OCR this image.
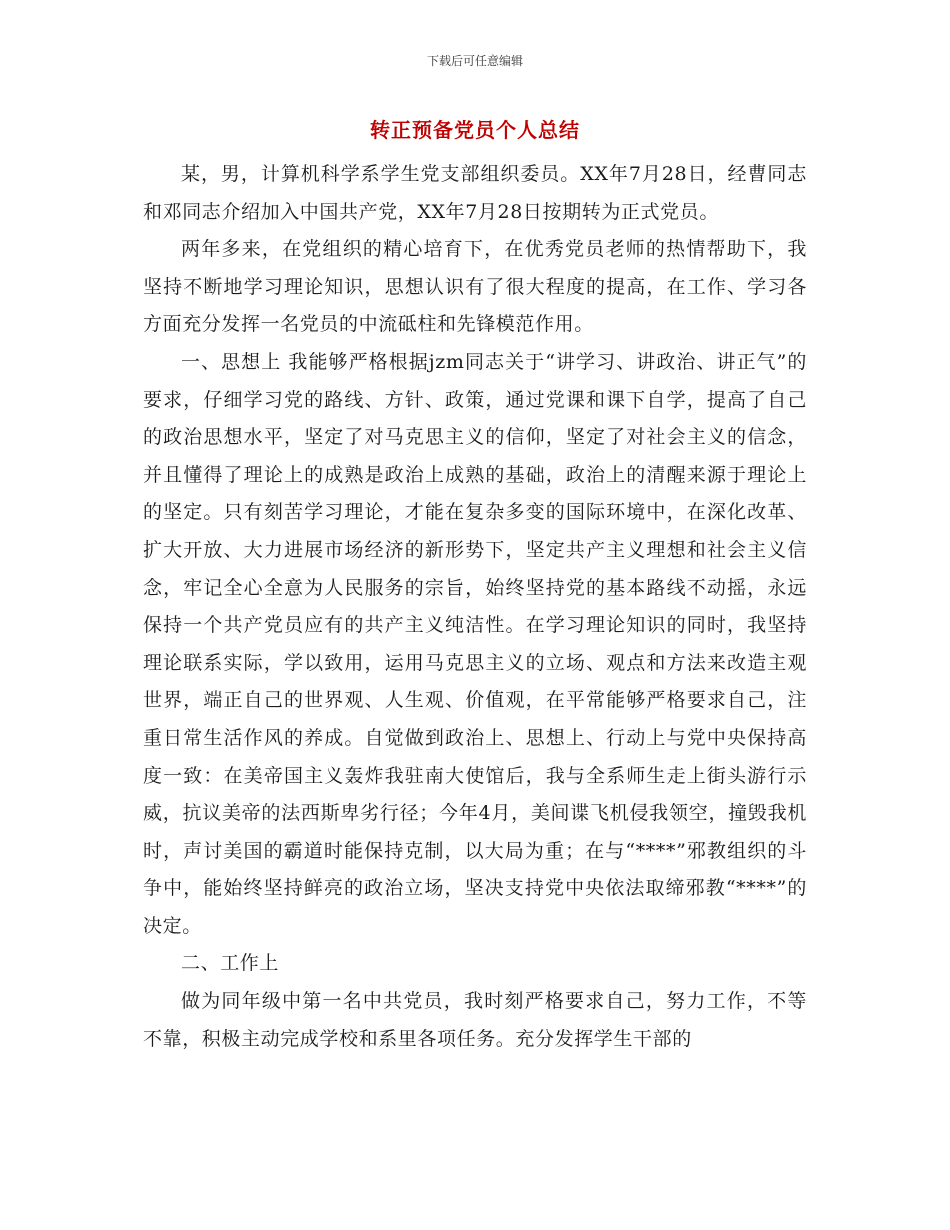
下载后可任意编辑
转正预备党员个人总结

某，男，计算机科学系学生党支部组织委员。XX年7月28日，经曹同志和邓同志介绍加入中国共产党，XX年7月28日按期转为正式党员。

两年多来，在党组织的精心培育下，在优秀党员老师的热情帮助下，我坚持不断地学习理论知识，思想认识有了很大程度的提高，在工作、学习各方面充分发挥一名党员的中流砥柱和先锋模范作用。

一、思想上 我能够严格根据jzm同志关于“讲学习、讲政治、讲正气”的要求，仔细学习党的路线、方针、政策，通过党课和课下自学，提高了自己的政治思想水平，坚定了对马克思主义的信仰，坚定了对社会主义的信念，并且懂得了理论上的成熟是政治上成熟的基础，政治上的清醒来源于理论上的坚定。只有刻苦学习理论，才能在复杂多变的国际环境中，在深化改革、扩大开放、大力进展市场经济的新形势下，坚定共产主义理想和社会主义信念，牢记全心全意为人民服务的宗旨，始终坚持党的基本路线不动摇，永远保持一个共产党员应有的共产主义纯洁性。在学习理论知识的同时，我坚持理论联系实际，学以致用，运用马克思主义的立场、观点和方法来改造主观世界，端正自己的世界观、人生观、价值观，在平常能够严格要求自己，注重日常生活作风的养成。自觉做到政治上、思想上、行动上与党中央保持高度一致：在美帝国主义轰炸我驻南大使馆后，我与全系师生走上街头游行示威，抗议美帝的法西斯卑劣行径；今年4月，美间谍飞机侵我领空，撞毁我机时，声讨美国的霸道时能保持克制，以大局为重；在与“****”邪教组织的斗争中，能始终坚持鲜亮的政治立场，坚决支持党中央依法取缔邪教“****”的决定。

二、工作上

做为同年级中第一名中共党员，我时刻严格要求自己，努力工作，不等不靠，积极主动完成学校和系里各项任务。充分发挥学生干部的
